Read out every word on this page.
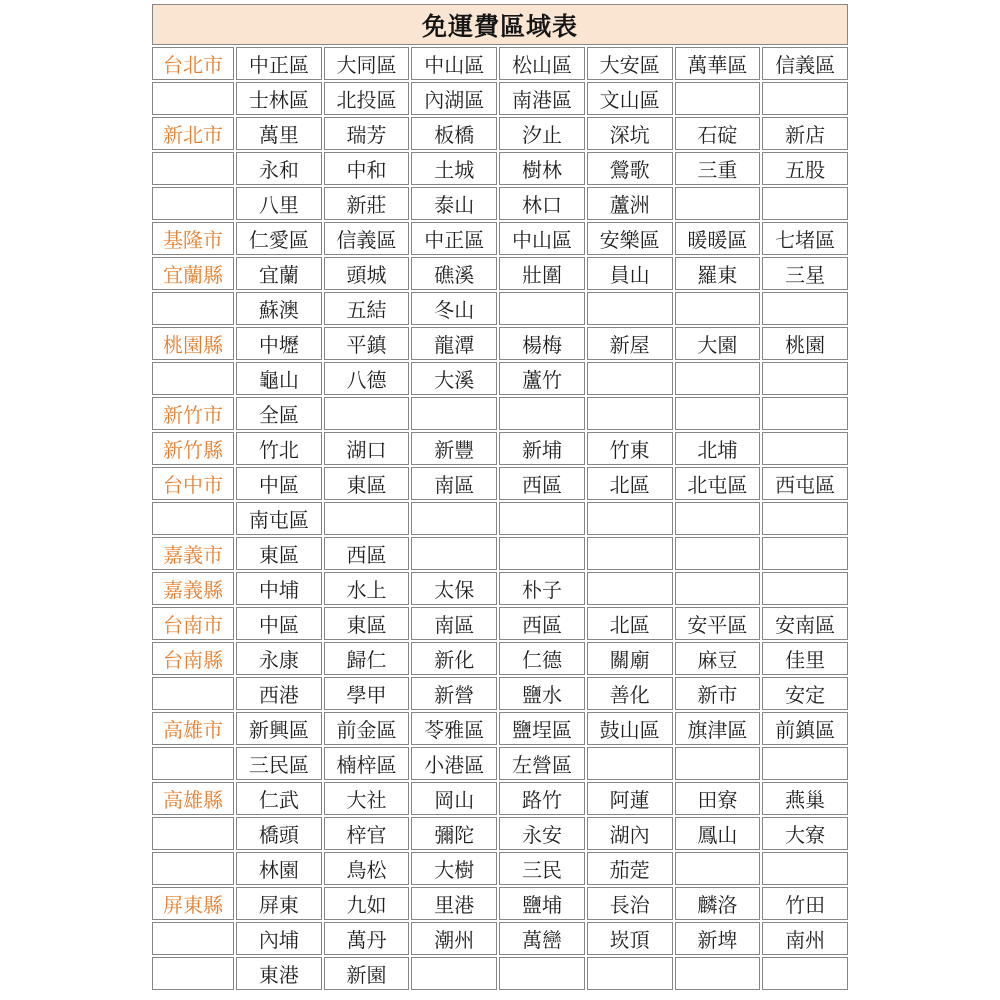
免運費區域表							
台北市	中正區	大同區	中山區	松山區	大安區	萬華區	信義區
	士林區	北投區	內湖區	南港區	文山區		
新北市	萬里	瑞芳	板橋	汐止	深坑	石碇	新店
	永和	中和	土城	樹林	鶯歌	三重	五股
	八里	新莊	泰山	林口	蘆洲		
基隆市	仁愛區	信義區	中正區	中山區	安樂區	暖暖區	七堵區
宜蘭縣	宜蘭	頭城	礁溪	壯圍	員山	羅東	三星
	蘇澳	五結	冬山				
桃園縣	中壢	平鎮	龍潭	楊梅	新屋	大園	桃園
	龜山	八德	大溪	蘆竹			
新竹市	全區						
新竹縣	竹北	湖口	新豐	新埔	竹東	北埔	
台中市	中區	東區	南區	西區	北區	北屯區	西屯區
	南屯區						
嘉義市	東區	西區					
嘉義縣	中埔	水上	太保	朴子			
台南市	中區	東區	南區	西區	北區	安平區	安南區
台南縣	永康	歸仁	新化	仁德	關廟	麻豆	佳里
	西港	學甲	新營	鹽水	善化	新市	安定
高雄市	新興區	前金區	苓雅區	鹽埕區	鼓山區	旗津區	前鎮區
	三民區	楠梓區	小港區	左營區			
高雄縣	仁武	大社	岡山	路竹	阿蓮	田寮	燕巢
	橋頭	梓官	彌陀	永安	湖內	鳳山	大寮
	林園	鳥松	大樹	三民	茄萣		
屏東縣	屏東	九如	里港	鹽埔	長治	麟洛	竹田
	內埔	萬丹	潮州	萬巒	崁頂	新埤	南州
	東港	新園					
